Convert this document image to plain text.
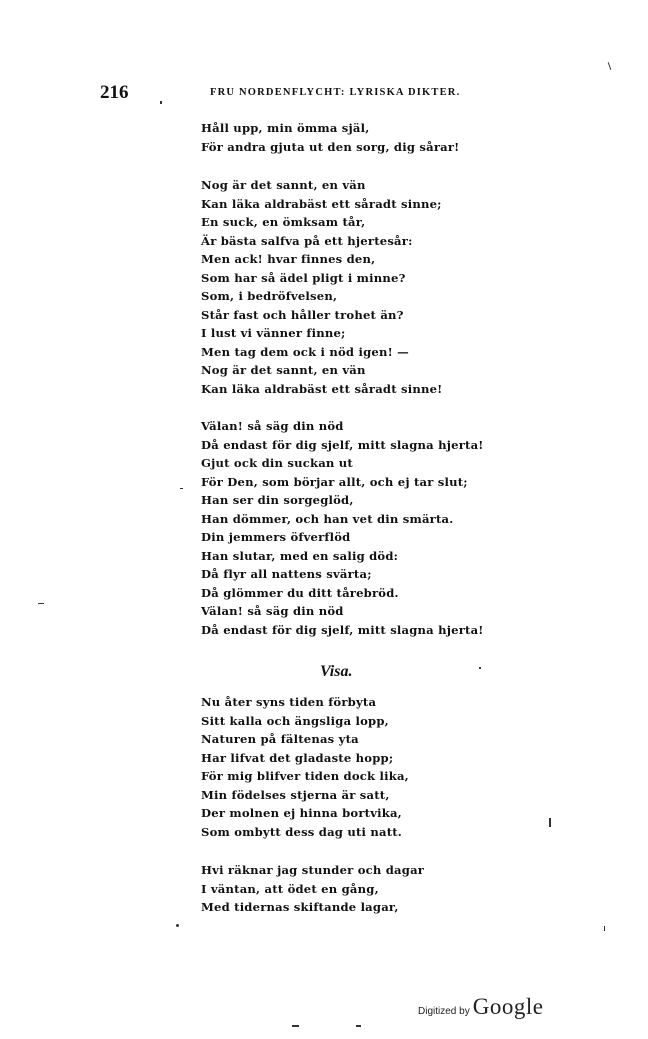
216	FRU NORDENFLYCHT: LYRISKA DIKTER.
Håll upp, min ömma själ,
För andra gjuta ut den sorg, dig sårar!
Nog är det sannt, en vän
Kan läka aldrabäst ett såradt sinne;
En suck, en ömksam tår,
Är bästa salfva på ett hjertesår:
Men ack! hvar finnes den,
Som har så ädel pligt i minne?
Som, i bedröfvelsen,
Står fast och håller trohet än?
I lust vi vänner finne;
Men tag dem ock i nöd igen! —
Nog är det sannt, en vän
Kan läka aldrabäst ett såradt sinne!
Välan! så säg din nöd
Då endast för dig sjelf, mitt slagna hjerta!
Gjut ock din suckan ut
För Den, som börjar allt, och ej tar slut;
Han ser din sorgeglöd,
Han dömmer, och han vet din smärta.
Din jemmers öfverflöd
Han slutar, med en salig död:
Då flyr all nattens svärta;
Då glömmer du ditt tårebröd.
Välan! så säg din nöd
Då endast för dig sjelf, mitt slagna hjerta!
Visa.
Nu åter syns tiden förbyta
Sitt kalla och ängsliga lopp,
Naturen på fältenas yta
Har lifvat det gladaste hopp;
För mig blifver tiden dock lika,
Min födelses stjerna är satt,
Der molnen ej hinna bortvika,
Som ombytt dess dag uti natt.
Hvi räknar jag stunder och dagar
I väntan, att ödet en gång,
Med tidernas skiftande lagar,
Digitized by Google
